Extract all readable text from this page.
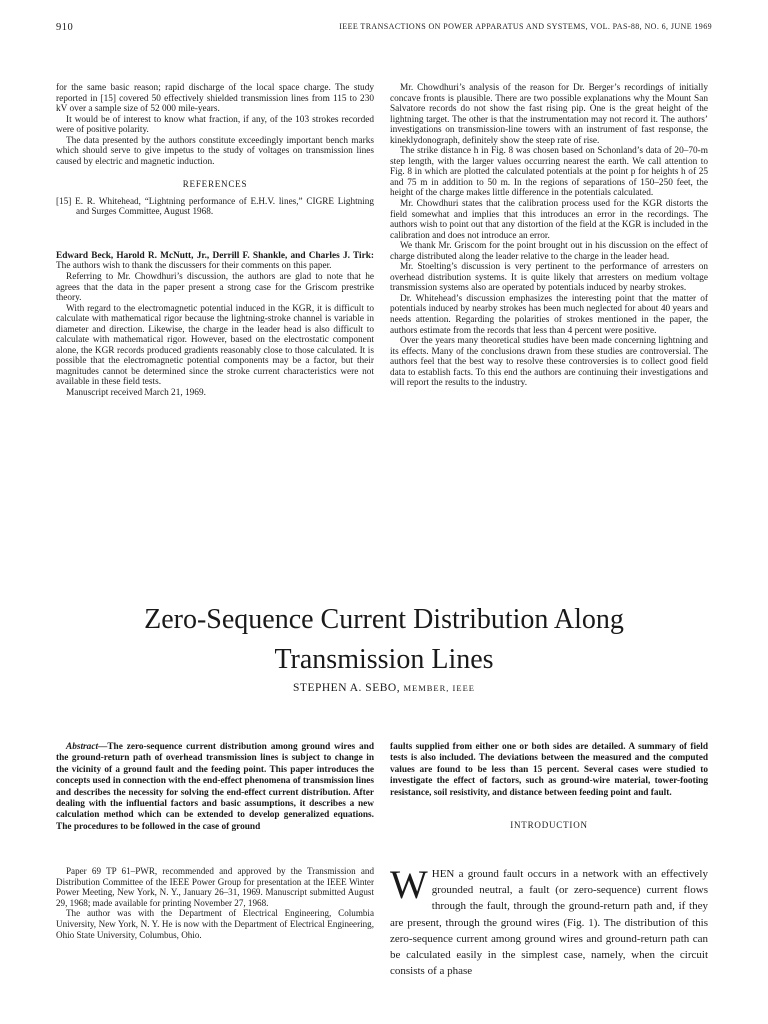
910	IEEE TRANSACTIONS ON POWER APPARATUS AND SYSTEMS, VOL. PAS-88, NO. 6, JUNE 1969

for the same basic reason; rapid discharge of the local space charge. The study reported in [15] covered 50 effectively shielded transmission lines from 115 to 230 kV over a sample size of 52 000 mile-years.

It would be of interest to know what fraction, if any, of the 103 strokes recorded were of positive polarity.

The data presented by the authors constitute exceedingly important bench marks which should serve to give impetus to the study of voltages on transmission lines caused by electric and magnetic induction.

REFERENCES
[15] E. R. Whitehead, “Lightning performance of E.H.V. lines,” CIGRE Lightning and Surges Committee, August 1968.

Edward Beck, Harold R. McNutt, Jr., Derrill F. Shankle, and Charles J. Tirk: The authors wish to thank the discussers for their comments on this paper.

Referring to Mr. Chowdhuri’s discussion, the authors are glad to note that he agrees that the data in the paper present a strong case for the Griscom prestrike theory.

With regard to the electromagnetic potential induced in the KGR, it is difficult to calculate with mathematical rigor because the lightning-stroke channel is variable in diameter and direction. Likewise, the charge in the leader head is also difficult to calculate with mathematical rigor. However, based on the electrostatic component alone, the KGR records produced gradients reasonably close to those calculated. It is possible that the electromagnetic potential components may be a factor, but their magnitudes cannot be determined since the stroke current characteristics were not available in these field tests.

Manuscript received March 21, 1969.

Mr. Chowdhuri’s analysis of the reason for Dr. Berger’s recordings of initially concave fronts is plausible. There are two possible explanations why the Mount San Salvatore records do not show the fast rising pip. One is the great height of the lightning target. The other is that the instrumentation may not record it. The authors’ investigations on transmission-line towers with an instrument of fast response, the kineklydonograph, definitely show the steep rate of rise.

The strike distance h in Fig. 8 was chosen based on Schonland’s data of 20–70-m step length, with the larger values occurring nearest the earth. We call attention to Fig. 8 in which are plotted the calculated potentials at the point p for heights h of 25 and 75 m in addition to 50 m. In the regions of separations of 150–250 feet, the height of the charge makes little difference in the potentials calculated.

Mr. Chowdhuri states that the calibration process used for the KGR distorts the field somewhat and implies that this introduces an error in the recordings. The authors wish to point out that any distortion of the field at the KGR is included in the calibration and does not introduce an error.

We thank Mr. Griscom for the point brought out in his discussion on the effect of charge distributed along the leader relative to the charge in the leader head.

Mr. Stoelting’s discussion is very pertinent to the performance of arresters on overhead distribution systems. It is quite likely that arresters on medium voltage transmission systems also are operated by potentials induced by nearby strokes.

Dr. Whitehead’s discussion emphasizes the interesting point that the matter of potentials induced by nearby strokes has been much neglected for about 40 years and needs attention. Regarding the polarities of strokes mentioned in the paper, the authors estimate from the records that less than 4 percent were positive.

Over the years many theoretical studies have been made concerning lightning and its effects. Many of the conclusions drawn from these studies are controversial. The authors feel that the best way to resolve these controversies is to collect good field data to establish facts. To this end the authors are continuing their investigations and will report the results to the industry.

Zero-Sequence Current Distribution Along
Transmission Lines
STEPHEN A. SEBO, MEMBER, IEEE
Abstract—The zero-sequence current distribution among ground wires and the ground-return path of overhead transmission lines is subject to change in the vicinity of a ground fault and the feeding point. This paper introduces the concepts used in connection with the end-effect phenomena of transmission lines and describes the necessity for solving the end-effect current distribution. After dealing with the influential factors and basic assumptions, it describes a new calculation method which can be extended to develop generalized equations. The procedures to be followed in the case of ground
faults supplied from either one or both sides are detailed. A summary of field tests is also included. The deviations between the measured and the computed values are found to be less than 15 percent. Several cases were studied to investigate the effect of factors, such as ground-wire material, tower-footing resistance, soil resistivity, and distance between feeding point and fault.

Paper 69 TP 61–PWR, recommended and approved by the Transmission and Distribution Committee of the IEEE Power Group for presentation at the IEEE Winter Power Meeting, New York, N. Y., January 26–31, 1969. Manuscript submitted August 29, 1968; made available for printing November 27, 1968.

The author was with the Department of Electrical Engineering, Columbia University, New York, N. Y. He is now with the Department of Electrical Engineering, Ohio State University, Columbus, Ohio.

INTRODUCTION
WHEN a ground fault occurs in a network with an effectively grounded neutral, a fault (or zero-sequence) current flows through the fault, through the ground-return path and, if they are present, through the ground wires (Fig. 1). The distribution of this zero-sequence current among ground wires and ground-return path can be calculated easily in the simplest case, namely, when the circuit consists of a phase
